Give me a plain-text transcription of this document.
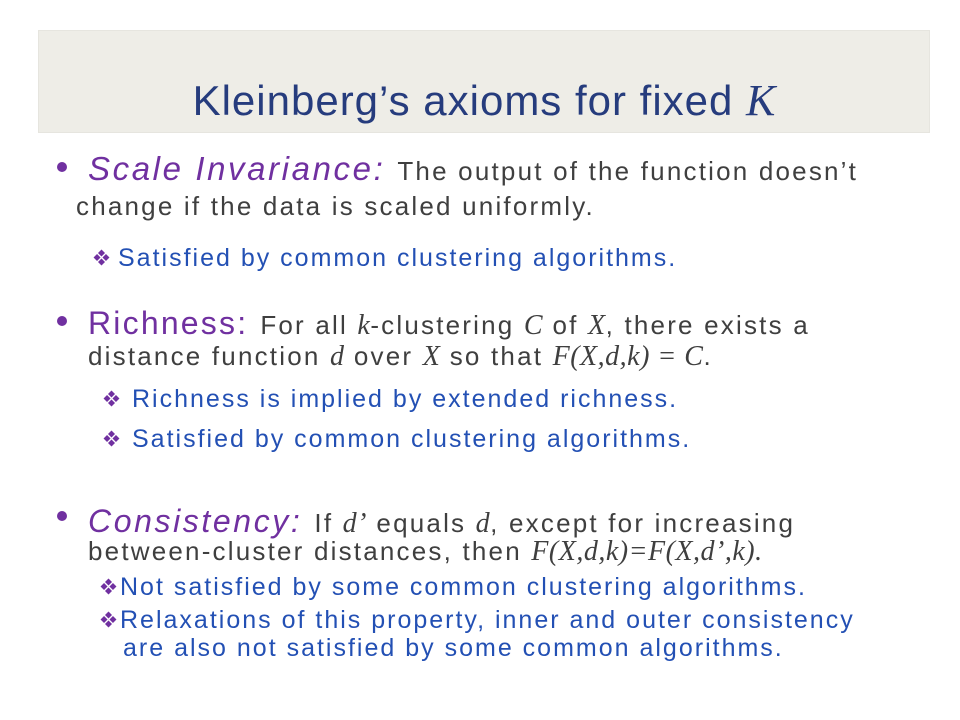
Kleinberg’s axioms for fixed K
Scale Invariance: The output of the function doesn’t
change if the data is scaled uniformly.
Satisfied by common clustering algorithms.
Richness: For all k-clustering C of X, there exists a
distance function d over X so that F(X,d,k) = C.
Richness is implied by extended richness.
Satisfied by common clustering algorithms.
Consistency: If d’ equals d, except for increasing
between-cluster distances, then F(X,d,k)=F(X,d’,k).
Not satisfied by some common clustering algorithms.
Relaxations of this property, inner and outer consistency
are also not satisfied by some common algorithms.
